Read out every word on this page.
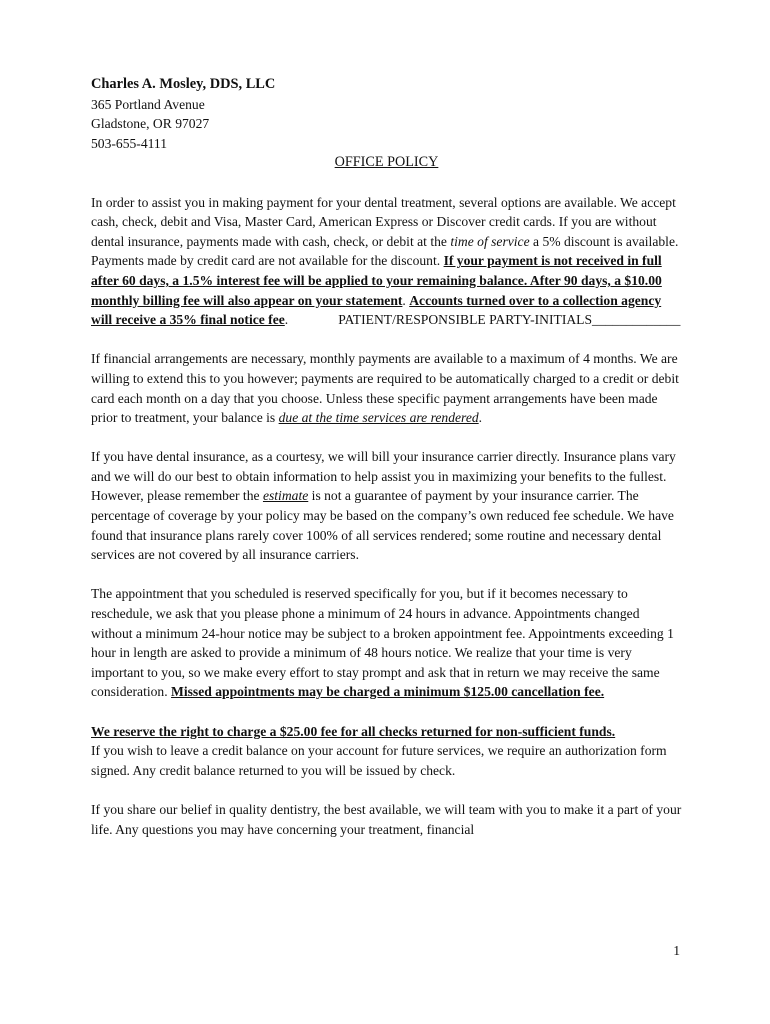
Charles A. Mosley, DDS, LLC
365 Portland Avenue
Gladstone, OR 97027
503-655-4111
OFFICE POLICY

In order to assist you in making payment for your dental treatment, several options are available. We accept cash, check, debit and Visa, Master Card, American Express or Discover credit cards. If you are without dental insurance, payments made with cash, check, or debit at the time of service a 5% discount is available. Payments made by credit card are not available for the discount. If your payment is not received in full after 60 days, a 1.5% interest fee will be applied to your remaining balance. After 90 days, a $10.00 monthly billing fee will also appear on your statement. Accounts turned over to a collection agency will receive a 35% final notice fee.	PATIENT/RESPONSIBLE PARTY-INITIALS_____________

If financial arrangements are necessary, monthly payments are available to a maximum of 4 months. We are willing to extend this to you however; payments are required to be automatically charged to a credit or debit card each month on a day that you choose. Unless these specific payment arrangements have been made prior to treatment, your balance is due at the time services are rendered.

If you have dental insurance, as a courtesy, we will bill your insurance carrier directly. Insurance plans vary and we will do our best to obtain information to help assist you in maximizing your benefits to the fullest. However, please remember the estimate is not a guarantee of payment by your insurance carrier. The percentage of coverage by your policy may be based on the company’s own reduced fee schedule. We have found that insurance plans rarely cover 100% of all services rendered; some routine and necessary dental services are not covered by all insurance carriers.

The appointment that you scheduled is reserved specifically for you, but if it becomes necessary to reschedule, we ask that you please phone a minimum of 24 hours in advance. Appointments changed without a minimum 24-hour notice may be subject to a broken appointment fee. Appointments exceeding 1 hour in length are asked to provide a minimum of 48 hours notice. We realize that your time is very important to you, so we make every effort to stay prompt and ask that in return we may receive the same consideration. Missed appointments may be charged a minimum $125.00 cancellation fee.

We reserve the right to charge a $25.00 fee for all checks returned for non-sufficient funds.
If you wish to leave a credit balance on your account for future services, we require an authorization form signed. Any credit balance returned to you will be issued by check.

If you share our belief in quality dentistry, the best available, we will team with you to make it a part of your life. Any questions you may have concerning your treatment, financial

1
